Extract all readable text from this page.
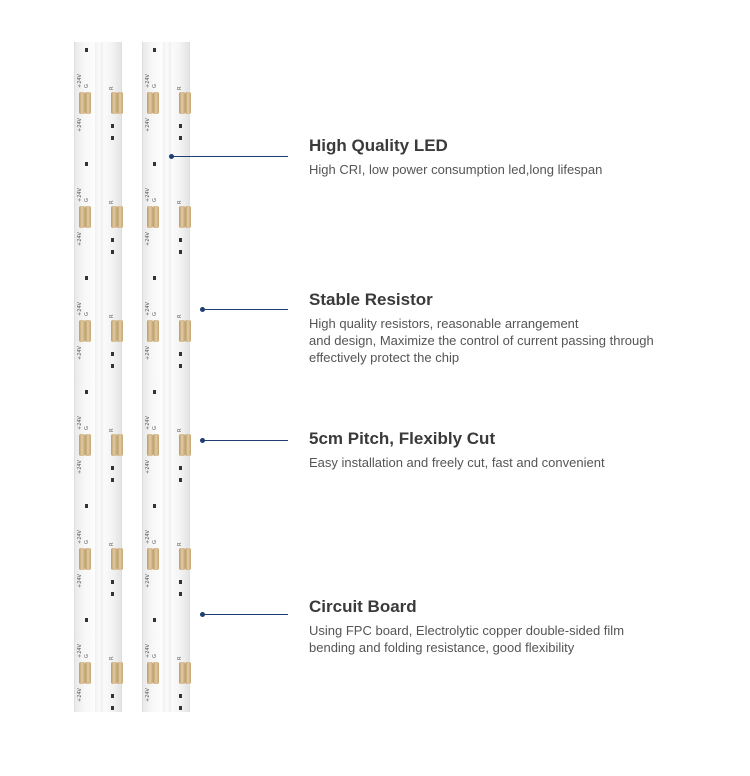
+24V G
+24V
R
+24V G
+24V
R
+24V G
+24V
R
+24V G
+24V
R
+24V G
+24V
R
+24V G
+24V
R
+24V G
+24V
R
+24V G
+24V
R
+24V G
+24V
R
+24V G
+24V
R
+24V G
+24V
R
+24V G
+24V
R
High Quality LED

High CRI, low power consumption led,long lifespan

Stable Resistor

High quality resistors, reasonable arrangement
and design, Maximize the control of current passing through
effectively protect the chip

5cm Pitch, Flexibly Cut

Easy installation and freely cut, fast and convenient

Circuit Board

Using FPC board, Electrolytic copper double-sided film
bending and folding resistance, good flexibility
